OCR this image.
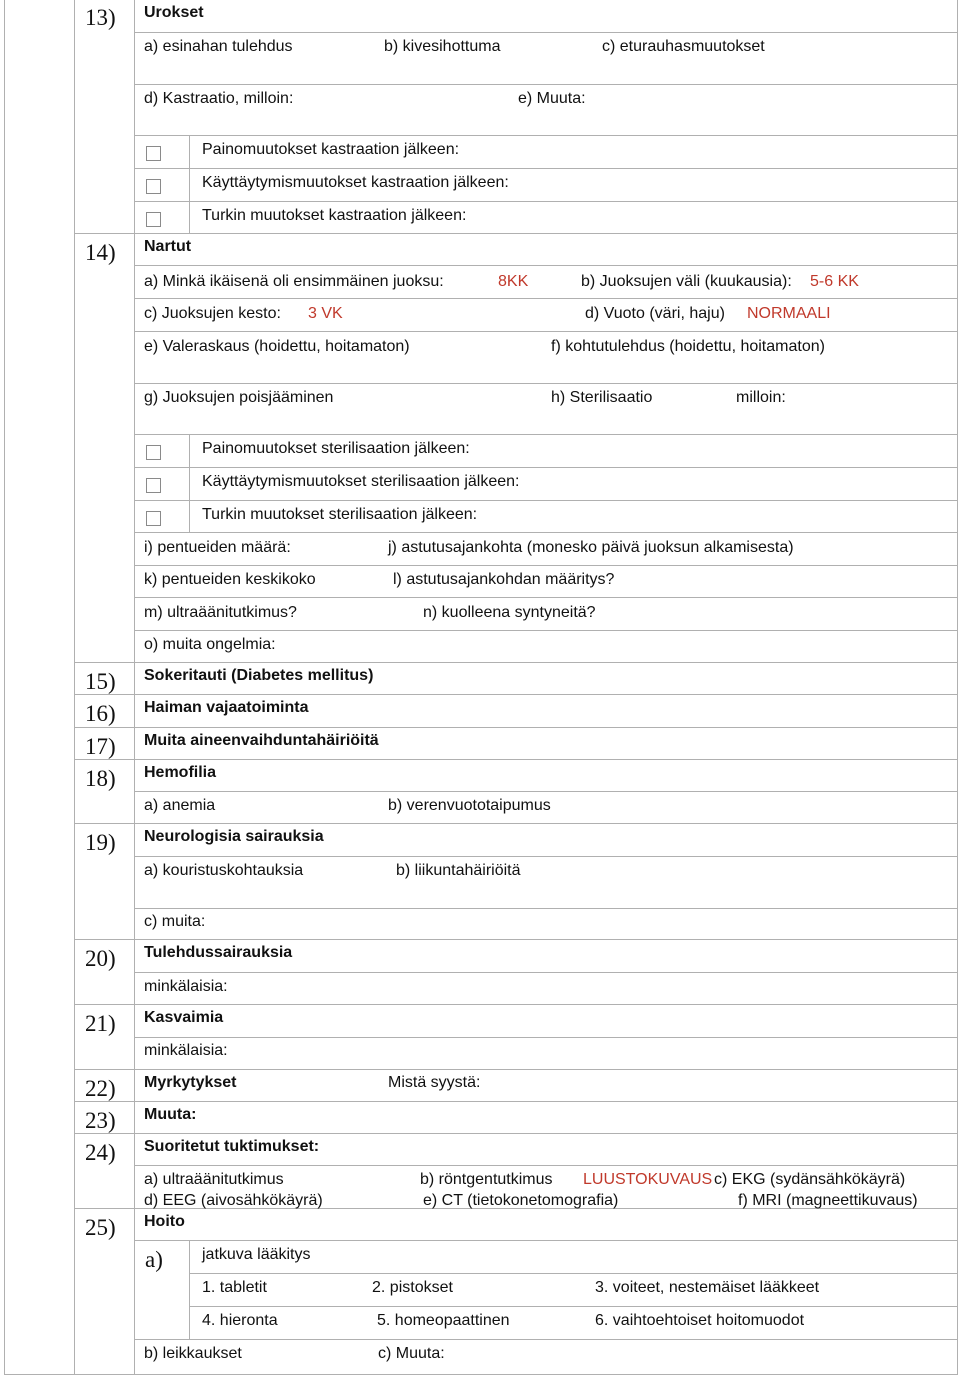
13) Urokset
a) esinahan tulehdus	b) kivesihottuma	c) eturauhasmuutokset
d) Kastraatio, milloin:	e) Muuta:
Painomuutokset kastraation jälkeen:
Käyttäytymismuutokset kastraation jälkeen:
Turkin muutokset kastraation jälkeen:
14) Nartut
a) Minkä ikäisenä oli ensimmäinen juoksu:	8KK	b) Juoksujen väli (kuukausia): 5-6 KK
c) Juoksujen kesto: 3 VK	d) Vuoto (väri, haju) NORMAALI
e) Valeraskaus (hoidettu, hoitamaton)	f) kohtutulehdus (hoidettu, hoitamaton)
g) Juoksujen poisjääminen	h) Sterilisaatio	milloin:
Painomuutokset sterilisaation jälkeen:
Käyttäytymismuutokset sterilisaation jälkeen:
Turkin muutokset sterilisaation jälkeen:
i) pentueiden määrä:	j) astutusajankohta (monesko päivä juoksun alkamisesta)
k) pentueiden keskikoko	l) astutusajankohdan määritys?
m) ultraäänitutkimus?	n) kuolleena syntyneitä?
o) muita ongelmia:
15) Sokeritauti (Diabetes mellitus)
16) Haiman vajaatoiminta
17) Muita aineenvaihduntahäiriöitä
18) Hemofilia
a) anemia	b) verenvuototaipumus
19) Neurologisia sairauksia
a) kouristuskohtauksia	b) liikuntahäiriöitä
c) muita:
20) Tulehdussairauksia
minkälaisia:
21) Kasvaimia
minkälaisia:
22) Myrkytykset	Mistä syystä:
23) Muuta:
24) Suoritetut tuktimukset:
a) ultraäänitutkimus	b) röntgentutkimus LUUSTOKUVAUS c) EKG (sydänsähkökäyrä)
d) EEG (aivosähkökäyrä)	e) CT (tietokonetomografia)	f) MRI (magneettikuvaus)
25) Hoito
a) jatkuva lääkitys
1. tabletit	2. pistokset	3. voiteet, nestemäiset lääkkeet
4. hieronta	5. homeopaattinen	6. vaihtoehtoiset hoitomuodot
b) leikkaukset	c) Muuta:
